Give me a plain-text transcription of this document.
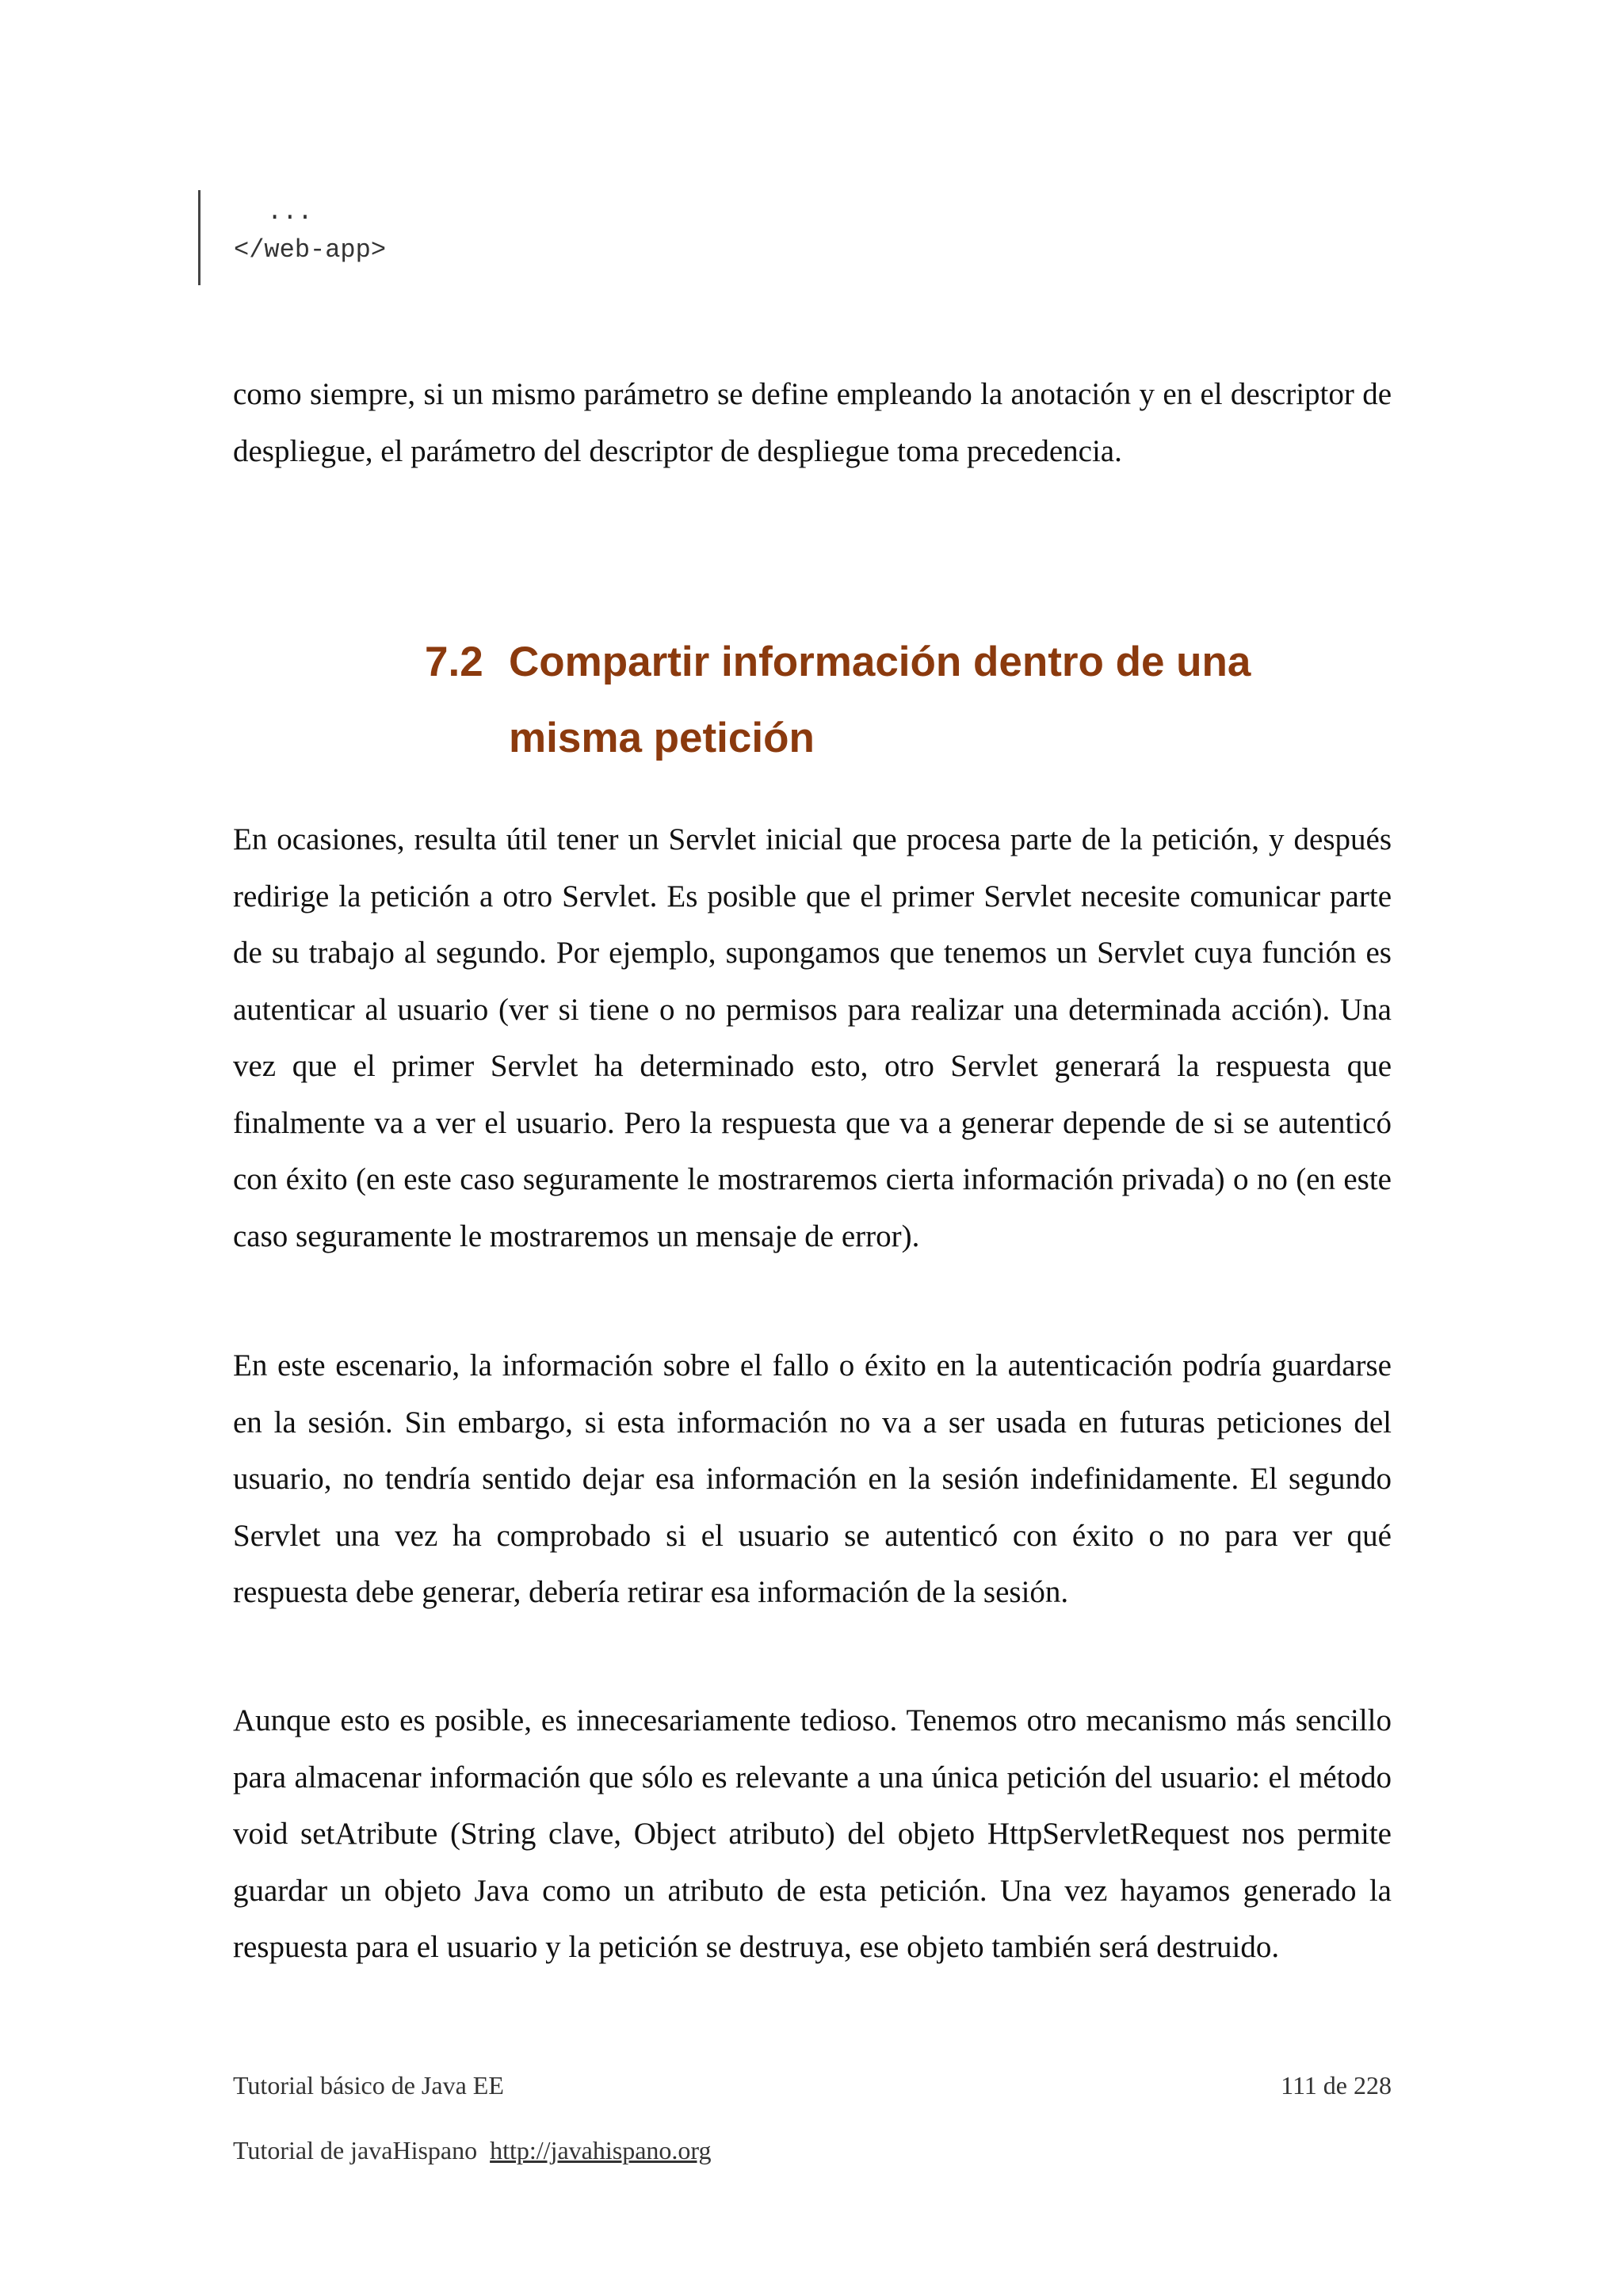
...
</web-app>

como siempre, si un mismo parámetro se define empleando la anotación y en el descriptor de despliegue, el parámetro del descriptor de despliegue toma precedencia.

7.2 Compartir información dentro de una misma petición

En ocasiones, resulta útil tener un Servlet inicial que procesa parte de la petición, y después redirige la petición a otro Servlet. Es posible que el primer Servlet necesite comunicar parte de su trabajo al segundo. Por ejemplo, supongamos que tenemos un Servlet cuya función es autenticar al usuario (ver si tiene o no permisos para realizar una determinada acción). Una vez que el primer Servlet ha determinado esto, otro Servlet generará la respuesta que finalmente va a ver el usuario. Pero la respuesta que va a generar depende de si se autenticó con éxito (en este caso seguramente le mostraremos cierta información privada) o no (en este caso seguramente le mostraremos un mensaje de error).

En este escenario, la información sobre el fallo o éxito en la autenticación podría guardarse en la sesión. Sin embargo, si esta información no va a ser usada en futuras peticiones del usuario, no tendría sentido dejar esa información en la sesión indefinidamente. El segundo Servlet una vez ha comprobado si el usuario se autenticó con éxito o no para ver qué respuesta debe generar, debería retirar esa información de la sesión.

Aunque esto es posible, es innecesariamente tedioso. Tenemos otro mecanismo más sencillo para almacenar información que sólo es relevante a una única petición del usuario: el método void setAtribute (String clave, Object atributo) del objeto HttpServletRequest nos permite guardar un objeto Java como un atributo de esta petición. Una vez hayamos generado la respuesta para el usuario y la petición se destruya, ese objeto también será destruido.

Tutorial básico de Java EE	111 de 228
Tutorial de javaHispano http://javahispano.org
